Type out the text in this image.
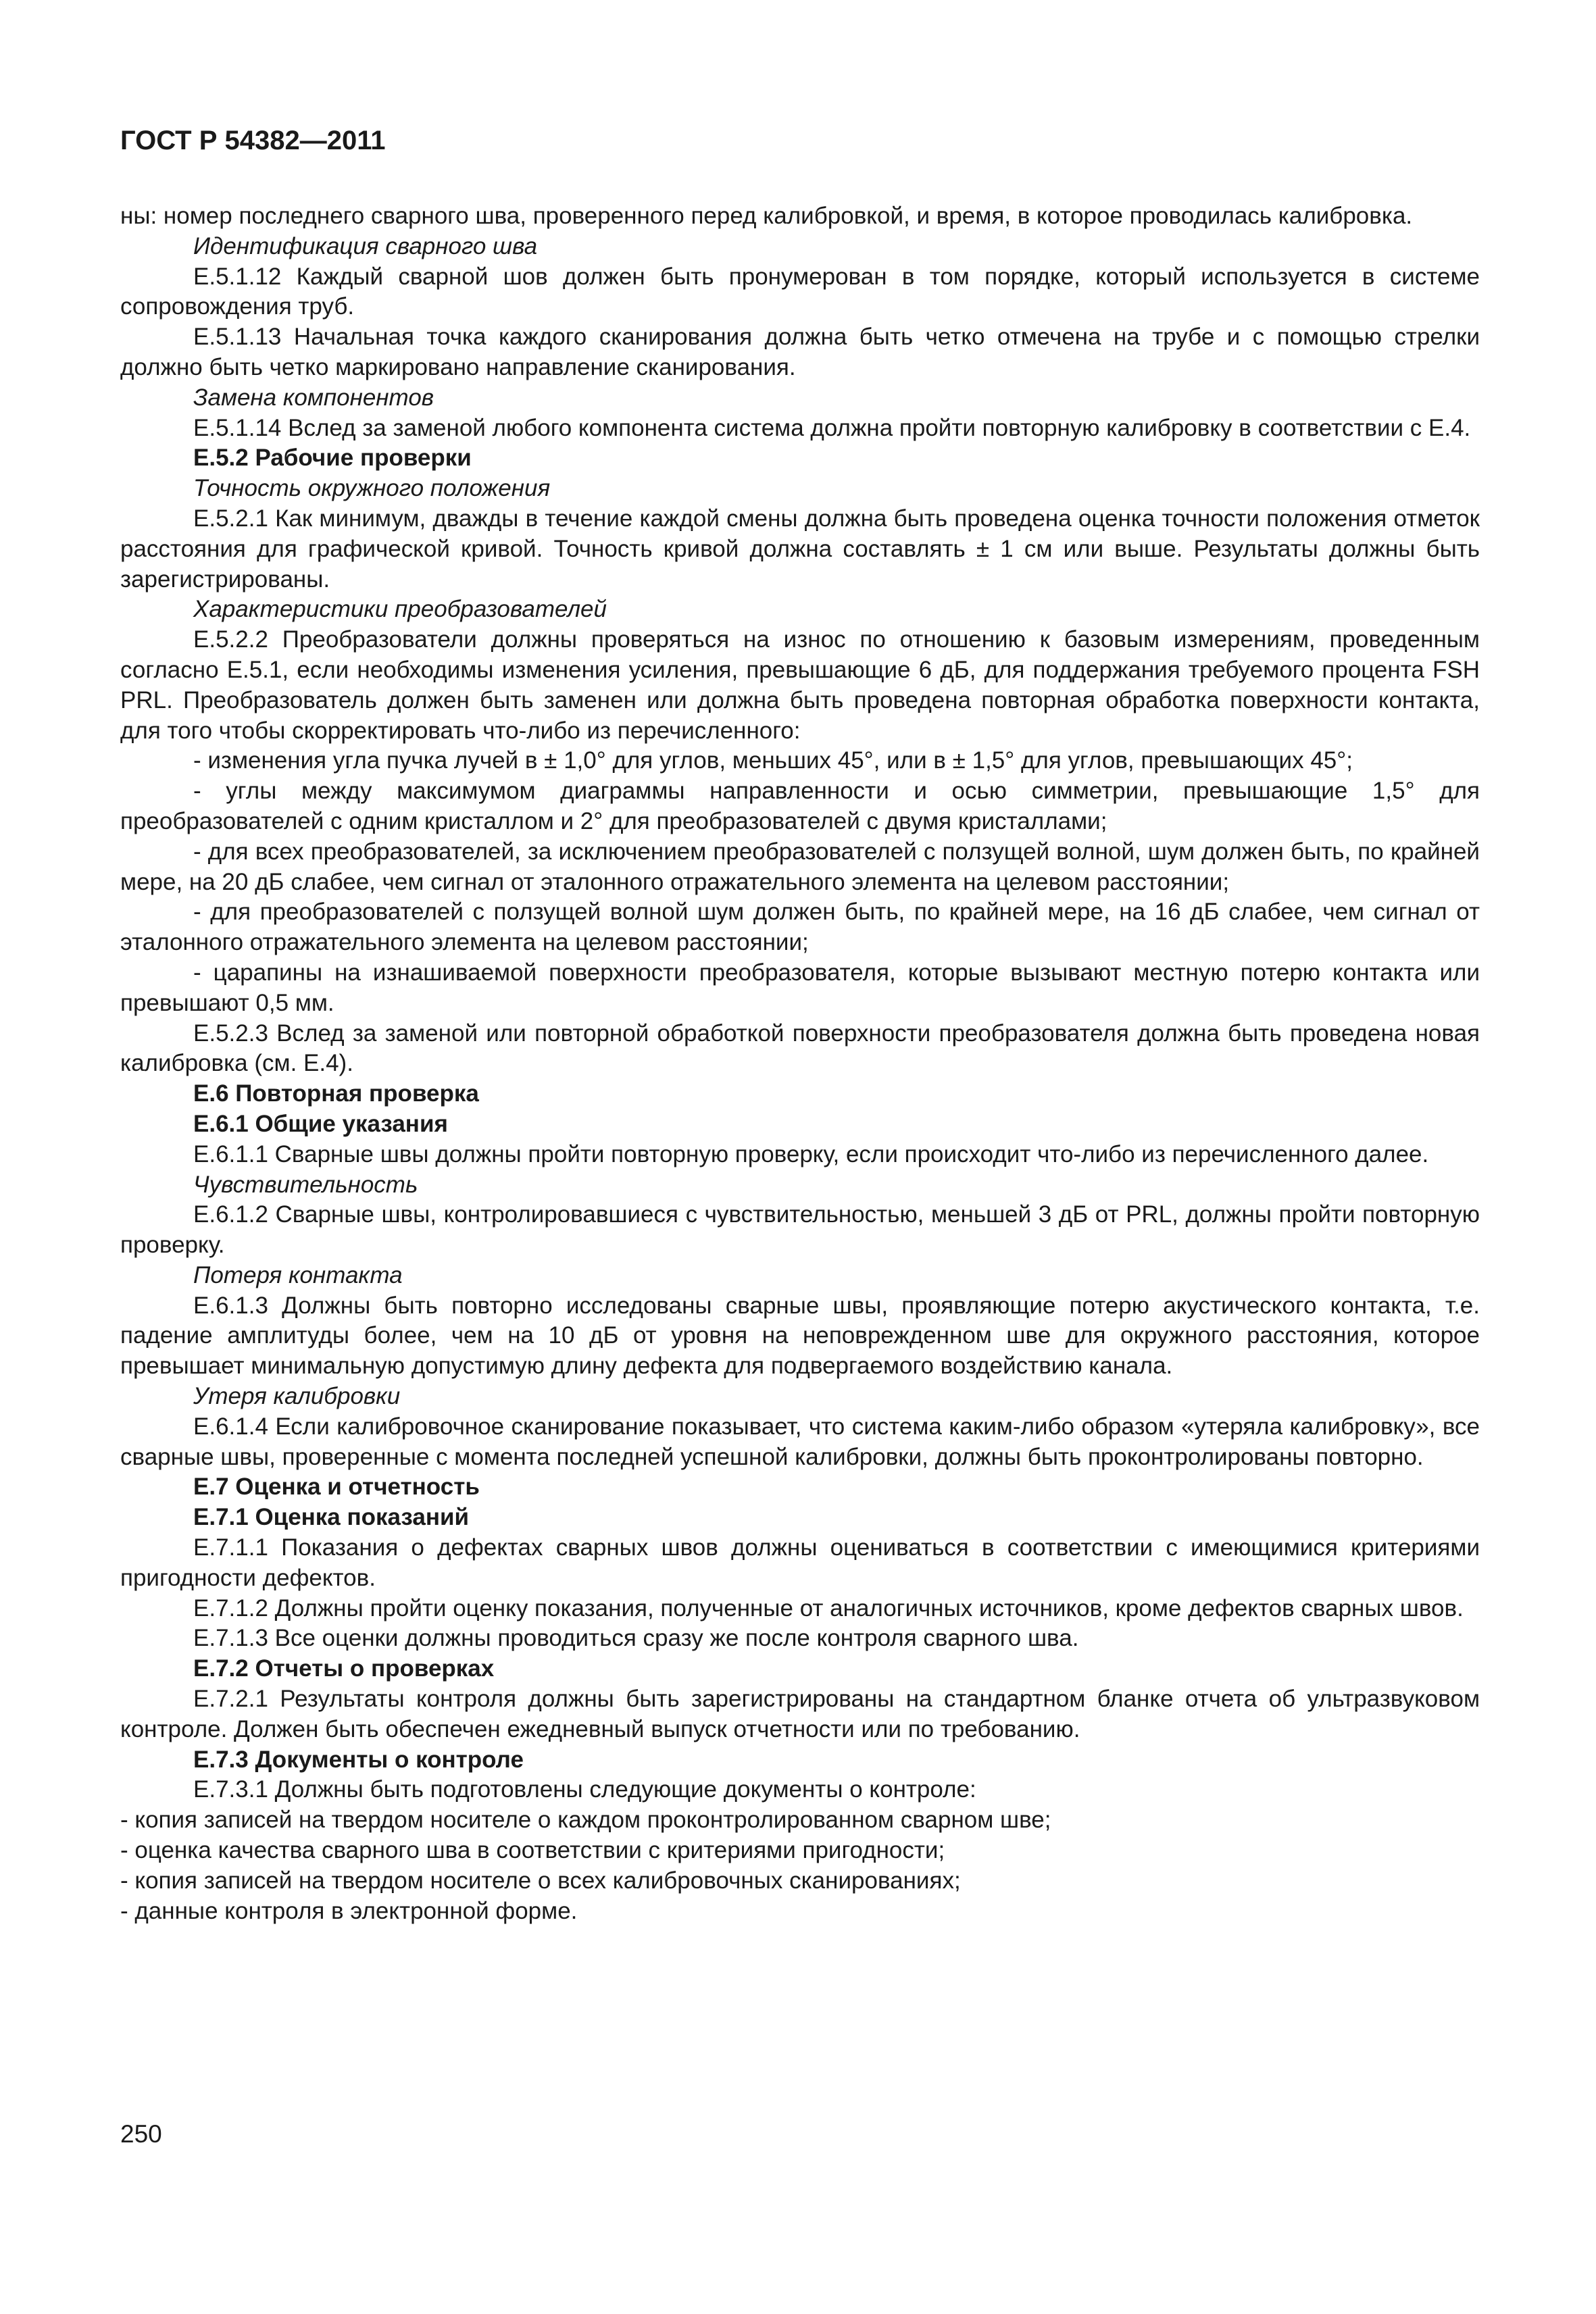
ГОСТ Р 54382—2011

ны: номер последнего сварного шва, проверенного перед калибровкой, и время, в которое проводилась калибровка.

Идентификация сварного шва

E.5.1.12 Каждый сварной шов должен быть пронумерован в том порядке, который используется в системе сопровождения труб.

E.5.1.13 Начальная точка каждого сканирования должна быть четко отмечена на трубе и с помощью стрелки должно быть четко маркировано направление сканирования.

Замена компонентов

E.5.1.14 Вслед за заменой любого компонента система должна пройти повторную калибровку в соответствии с E.4.

E.5.2 Рабочие проверки

Точность окружного положения

E.5.2.1 Как минимум, дважды в течение каждой смены должна быть проведена оценка точности положения отметок расстояния для графической кривой. Точность кривой должна составлять ± 1 см или выше. Результаты должны быть зарегистрированы.

Характеристики преобразователей

E.5.2.2 Преобразователи должны проверяться на износ по отношению к базовым измерениям, проведенным согласно E.5.1, если необходимы изменения усиления, превышающие 6 дБ, для поддержания требуемого процента FSH PRL. Преобразователь должен быть заменен или должна быть проведена повторная обработка поверхности контакта, для того чтобы скорректировать что-либо из перечисленного:

- изменения угла пучка лучей в ± 1,0° для углов, меньших 45°, или в ± 1,5° для углов, превышающих 45°;

- углы между максимумом диаграммы направленности и осью симметрии, превышающие 1,5° для преобразователей с одним кристаллом и 2° для преобразователей с двумя кристаллами;

- для всех преобразователей, за исключением преобразователей с ползущей волной, шум должен быть, по крайней мере, на 20 дБ слабее, чем сигнал от эталонного отражательного элемента на целевом расстоянии;

- для преобразователей с ползущей волной шум должен быть, по крайней мере, на 16 дБ слабее, чем сигнал от эталонного отражательного элемента на целевом расстоянии;

- царапины на изнашиваемой поверхности преобразователя, которые вызывают местную потерю контакта или превышают 0,5 мм.

E.5.2.3 Вслед за заменой или повторной обработкой поверхности преобразователя должна быть проведена новая калибровка (см. E.4).

E.6 Повторная проверка

E.6.1 Общие указания

E.6.1.1 Сварные швы должны пройти повторную проверку, если происходит что-либо из перечисленного далее.

Чувствительность

E.6.1.2 Сварные швы, контролировавшиеся с чувствительностью, меньшей 3 дБ от PRL, должны пройти повторную проверку.

Потеря контакта

E.6.1.3 Должны быть повторно исследованы сварные швы, проявляющие потерю акустического контакта, т.е. падение амплитуды более, чем на 10 дБ от уровня на неповрежденном шве для окружного расстояния, которое превышает минимальную допустимую длину дефекта для подвергаемого воздействию канала.

Утеря калибровки

E.6.1.4 Если калибровочное сканирование показывает, что система каким-либо образом «утеряла калибровку», все сварные швы, проверенные с момента последней успешной калибровки, должны быть проконтролированы повторно.

E.7 Оценка и отчетность

E.7.1 Оценка показаний

E.7.1.1 Показания о дефектах сварных швов должны оцениваться в соответствии с имеющимися критериями пригодности дефектов.

E.7.1.2 Должны пройти оценку показания, полученные от аналогичных источников, кроме дефектов сварных швов.

E.7.1.3 Все оценки должны проводиться сразу же после контроля сварного шва.

E.7.2 Отчеты о проверках

E.7.2.1 Результаты контроля должны быть зарегистрированы на стандартном бланке отчета об ультразвуковом контроле. Должен быть обеспечен ежедневный выпуск отчетности или по требованию.

E.7.3 Документы о контроле

E.7.3.1 Должны быть подготовлены следующие документы о контроле:

- копия записей на твердом носителе о каждом проконтролированном сварном шве;

- оценка качества сварного шва в соответствии с критериями пригодности;

- копия записей на твердом носителе о всех калибровочных сканированиях;

- данные контроля в электронной форме.

250
